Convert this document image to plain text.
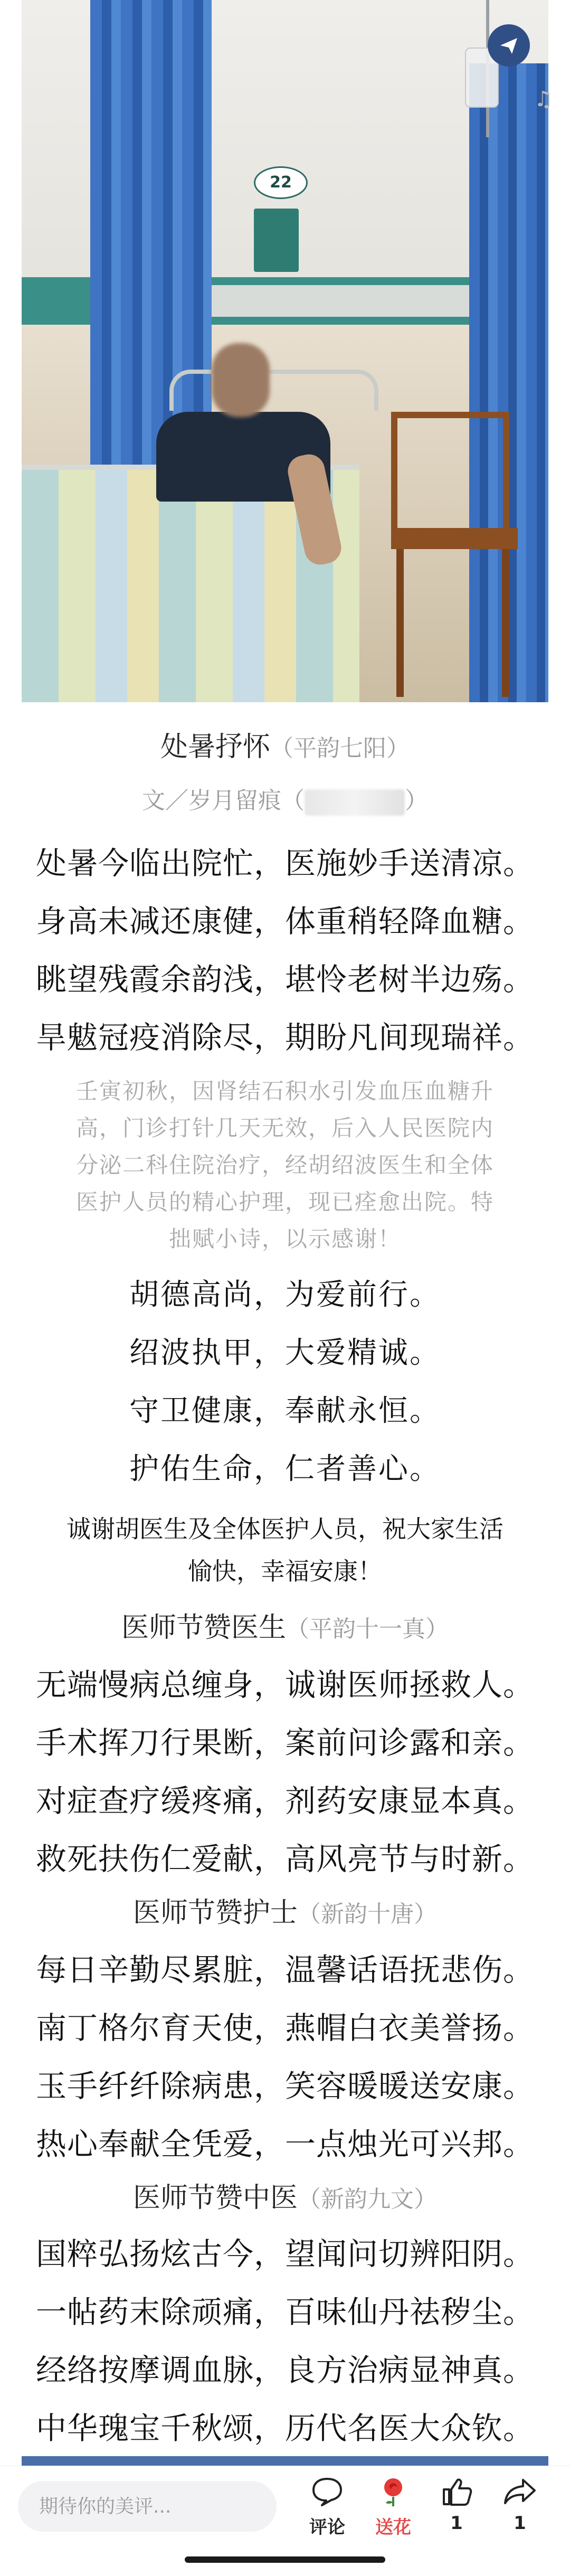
22
♫
处暑抒怀（平韵七阳）
文／岁月留痕（	）
处暑今临出院忙，医施妙手送清凉。
身高未减还康健，体重稍轻降血糖。
眺望残霞余韵浅，堪怜老树半边殇。
旱魃冠疫消除尽，期盼凡间现瑞祥。
壬寅初秋，因肾结石积水引发血压血糖升
高，门诊打针几天无效，后入人民医院内
分泌二科住院治疗，经胡绍波医生和全体
医护人员的精心护理，现已痊愈出院。特
拙赋小诗，以示感谢！
胡德高尚，为爱前行。
绍波执甲，大爱精诚。
守卫健康，奉献永恒。
护佑生命，仁者善心。
诚谢胡医生及全体医护人员，祝大家生活
愉快，幸福安康！
医师节赞医生（平韵十一真）
无端慢病总缠身，诚谢医师拯救人。
手术挥刀行果断，案前问诊露和亲。
对症查疗缓疼痛，剂药安康显本真。
救死扶伤仁爱献，高风亮节与时新。
医师节赞护士（新韵十唐）
每日辛勤尽累脏，温馨话语抚悲伤。
南丁格尔育天使，燕帽白衣美誉扬。
玉手纤纤除病患，笑容暖暖送安康。
热心奉献全凭爱，一点烛光可兴邦。
医师节赞中医（新韵九文）
国粹弘扬炫古今，望闻问切辨阳阴。
一帖药末除顽痛，百味仙丹祛秽尘。
经络按摩调血脉，良方治病显神真。
中华瑰宝千秋颂，历代名医大众钦。
期待你的美评...
评论	送花	1	1
